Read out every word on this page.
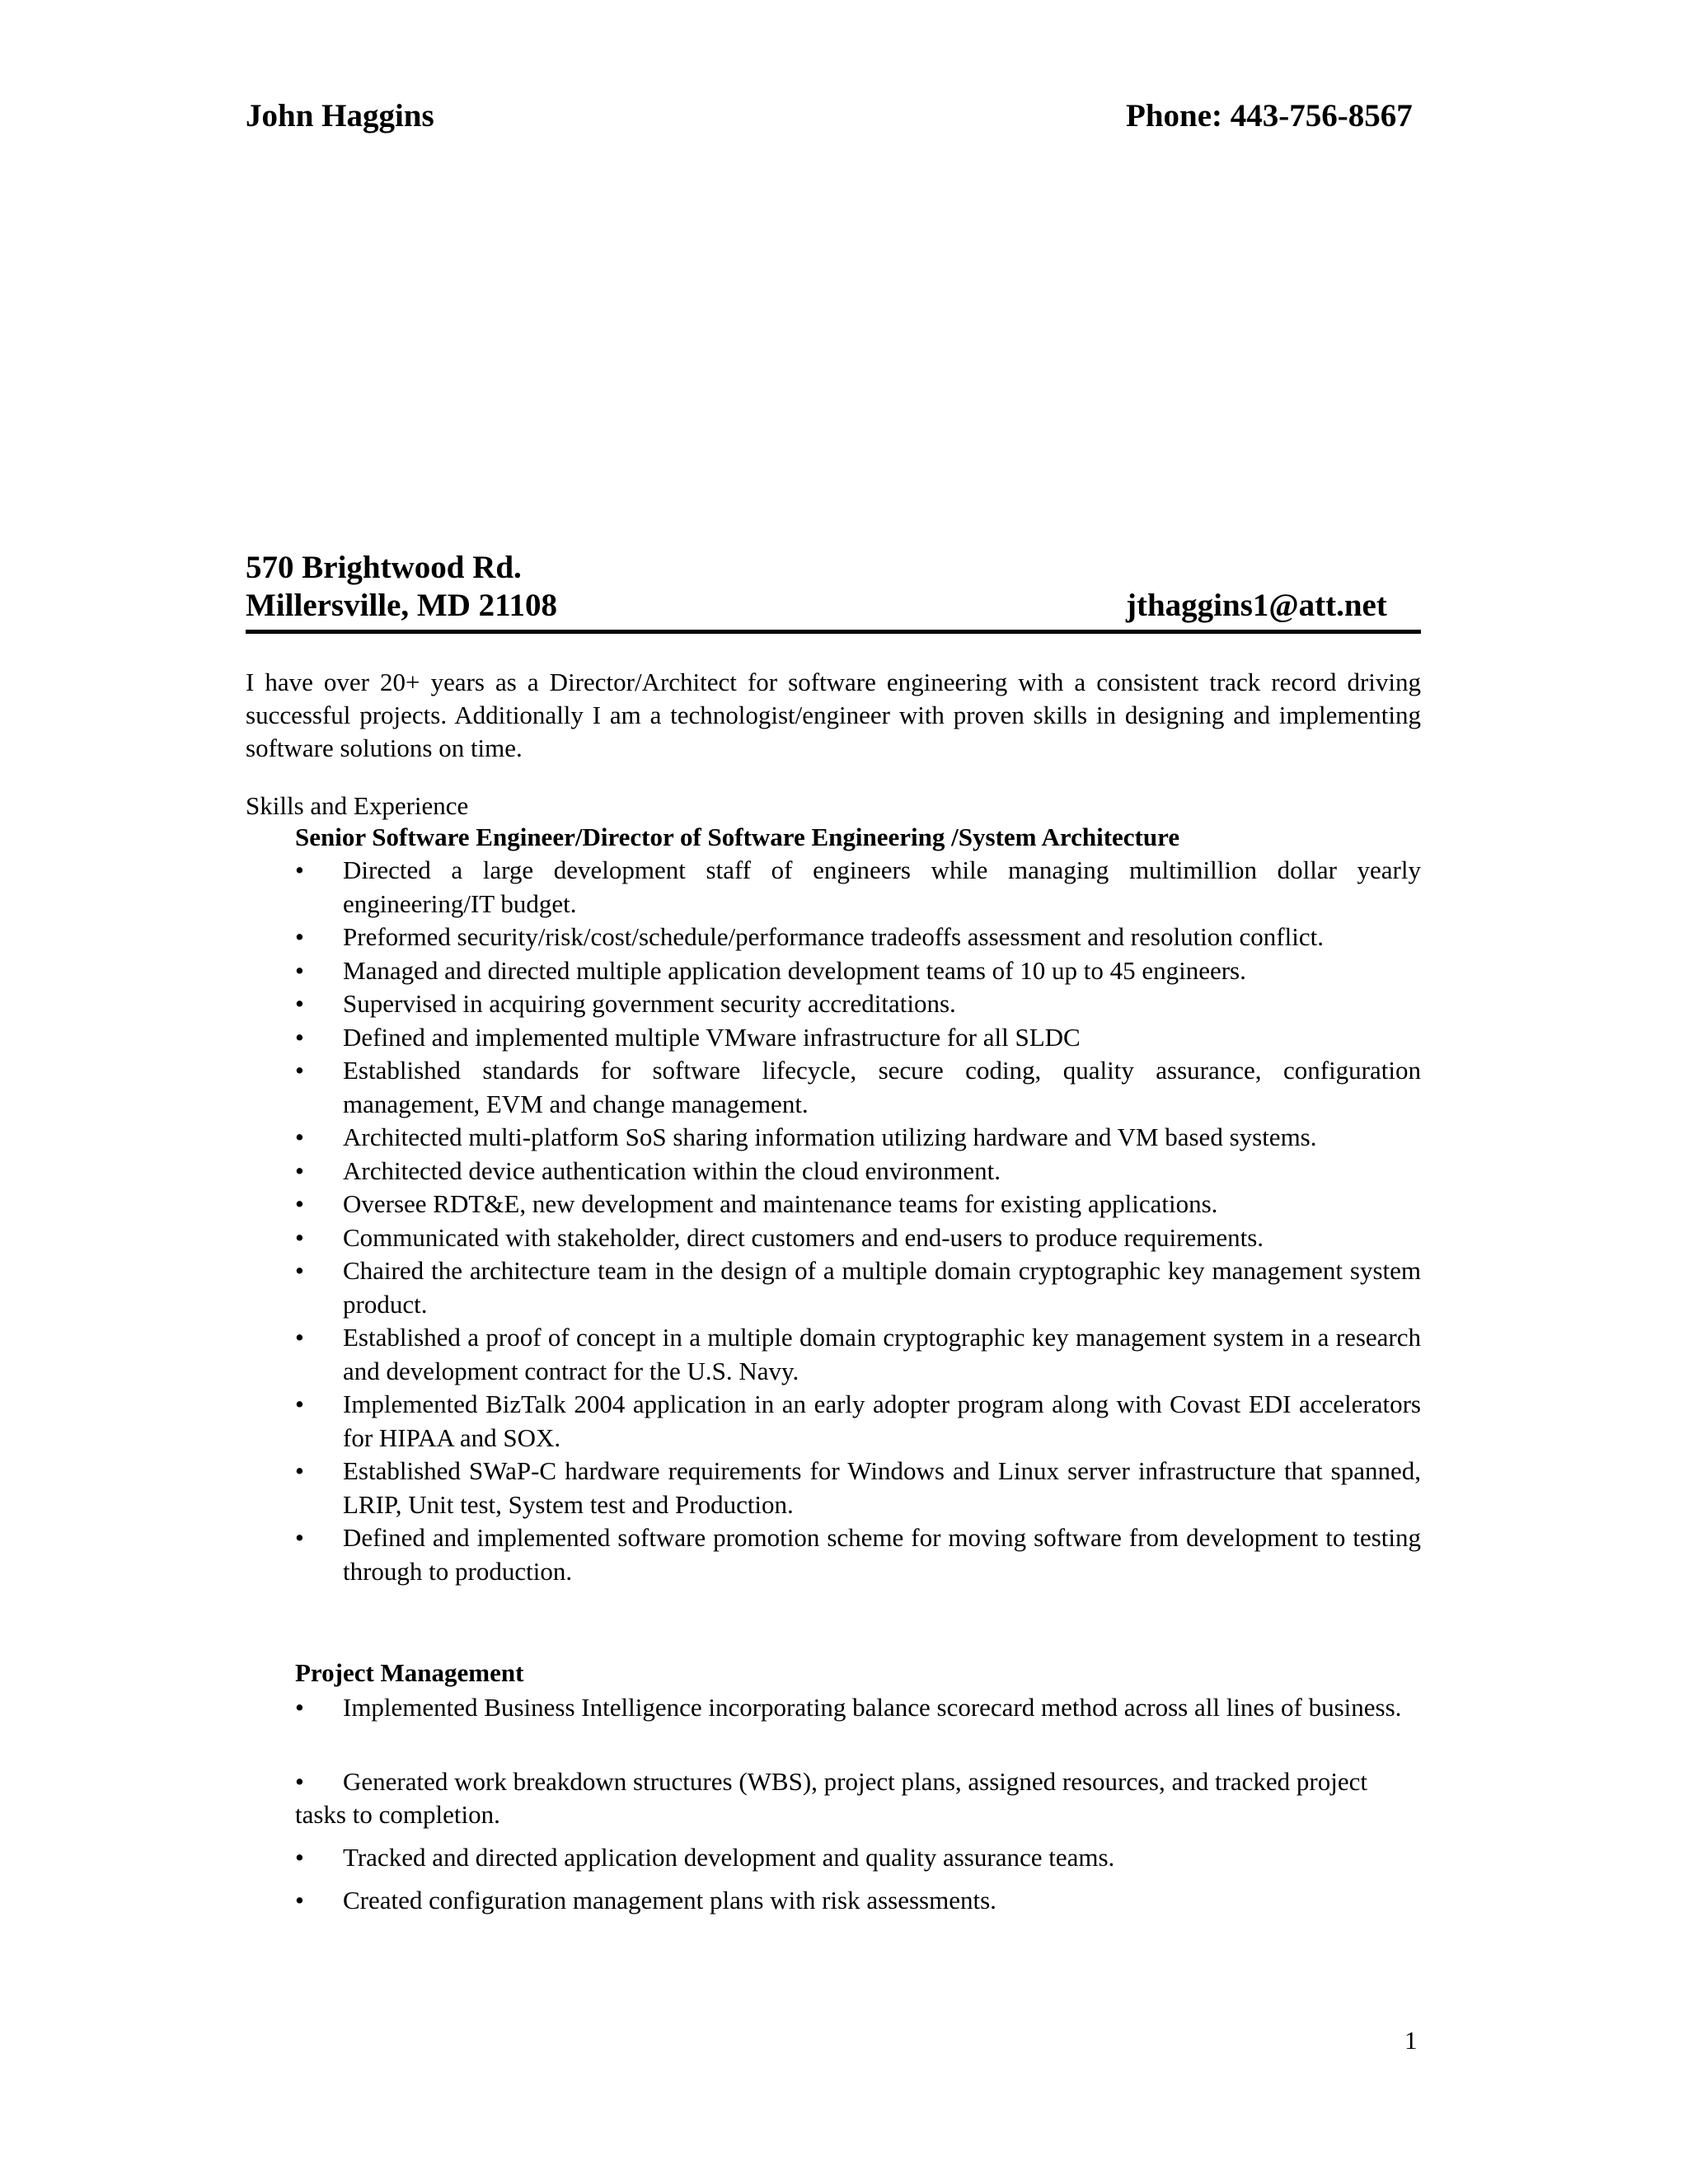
John Haggins	Phone: 443-756-8567
570 Brightwood Rd.
Millersville, MD 21108	jthaggins1@att.net
I have over 20+ years as a Director/Architect for software engineering with a consistent track record driving successful projects. Additionally I am a technologist/engineer with proven skills in designing and implementing software solutions on time.
Skills and Experience
Senior Software Engineer/Director of Software Engineering /System Architecture
• Directed a large development staff of engineers while managing multimillion dollar yearly engineering/IT budget.
• Preformed security/risk/cost/schedule/performance tradeoffs assessment and resolution conflict.
• Managed and directed multiple application development teams of 10 up to 45 engineers.
• Supervised in acquiring government security accreditations.
• Defined and implemented multiple VMware infrastructure for all SLDC
• Established standards for software lifecycle, secure coding, quality assurance, configuration management, EVM and change management.
• Architected multi-platform SoS sharing information utilizing hardware and VM based systems.
• Architected device authentication within the cloud environment.
• Oversee RDT&E, new development and maintenance teams for existing applications.
• Communicated with stakeholder, direct customers and end-users to produce requirements.
• Chaired the architecture team in the design of a multiple domain cryptographic key management system product.
• Established a proof of concept in a multiple domain cryptographic key management system in a research and development contract for the U.S. Navy.
• Implemented BizTalk 2004 application in an early adopter program along with Covast EDI accelerators for HIPAA and SOX.
• Established SWaP-C hardware requirements for Windows and Linux server infrastructure that spanned, LRIP, Unit test, System test and Production.
• Defined and implemented software promotion scheme for moving software from development to testing through to production.
Project Management
• Implemented Business Intelligence incorporating balance scorecard method across all lines of business.
• Generated work breakdown structures (WBS), project plans, assigned resources, and tracked project tasks to completion.
• Tracked and directed application development and quality assurance teams.
• Created configuration management plans with risk assessments.
1
